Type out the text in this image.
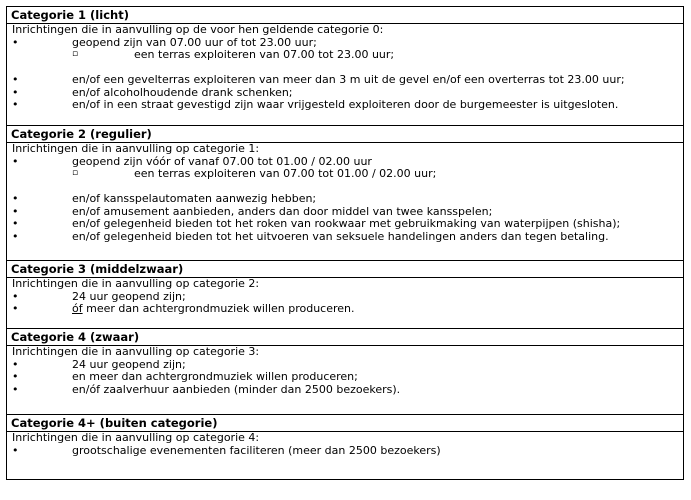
Categorie 1 (licht)
Inrichtingen die in aanvulling op de voor hen geldende categorie 0:
•	geopend zijn van 07.00 uur of tot 23.00 uur;
▫	een terras exploiteren van 07.00 tot 23.00 uur;
•	en/of een gevelterras exploiteren van meer dan 3 m uit de gevel en/of een overterras tot 23.00 uur;
•	en/of alcoholhoudende drank schenken;
•	en/of in een straat gevestigd zijn waar vrijgesteld exploiteren door de burgemeester is uitgesloten.
Categorie 2 (regulier)
Inrichtingen die in aanvulling op categorie 1:
•	geopend zijn vóór of vanaf 07.00 tot 01.00 / 02.00 uur
▫	een terras exploiteren van 07.00 tot 01.00 / 02.00 uur;
•	en/of kansspelautomaten aanwezig hebben;
•	en/of amusement aanbieden, anders dan door middel van twee kansspelen;
•	en/of gelegenheid bieden tot het roken van rookwaar met gebruikmaking van waterpijpen (shisha);
•	en/of gelegenheid bieden tot het uitvoeren van seksuele handelingen anders dan tegen betaling.
Categorie 3 (middelzwaar)
Inrichtingen die in aanvulling op categorie 2:
•	24 uur geopend zijn;
•	óf meer dan achtergrondmuziek willen produceren.
Categorie 4 (zwaar)
Inrichtingen die in aanvulling op categorie 3:
•	24 uur geopend zijn;
•	en meer dan achtergrondmuziek willen produceren;
•	en/óf zaalverhuur aanbieden (minder dan 2500 bezoekers).
Categorie 4+ (buiten categorie)
Inrichtingen die in aanvulling op categorie 4:
•	grootschalige evenementen faciliteren (meer dan 2500 bezoekers)
